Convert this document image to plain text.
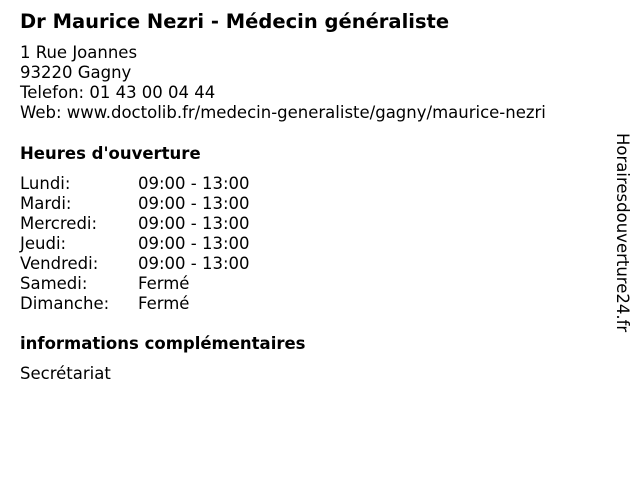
Dr Maurice Nezri - Médecin généraliste
1 Rue Joannes
93220 Gagny
Telefon: 01 43 00 04 44
Web: www.doctolib.fr/medecin-generaliste/gagny/maurice-nezri
Heures d'ouverture
Lundi:	09:00 - 13:00
Mardi:	09:00 - 13:00
Mercredi:	09:00 - 13:00
Jeudi:	09:00 - 13:00
Vendredi:	09:00 - 13:00
Samedi:	Fermé
Dimanche:	Fermé
informations complémentaires
Secrétariat
Horairesdouverture24.fr
